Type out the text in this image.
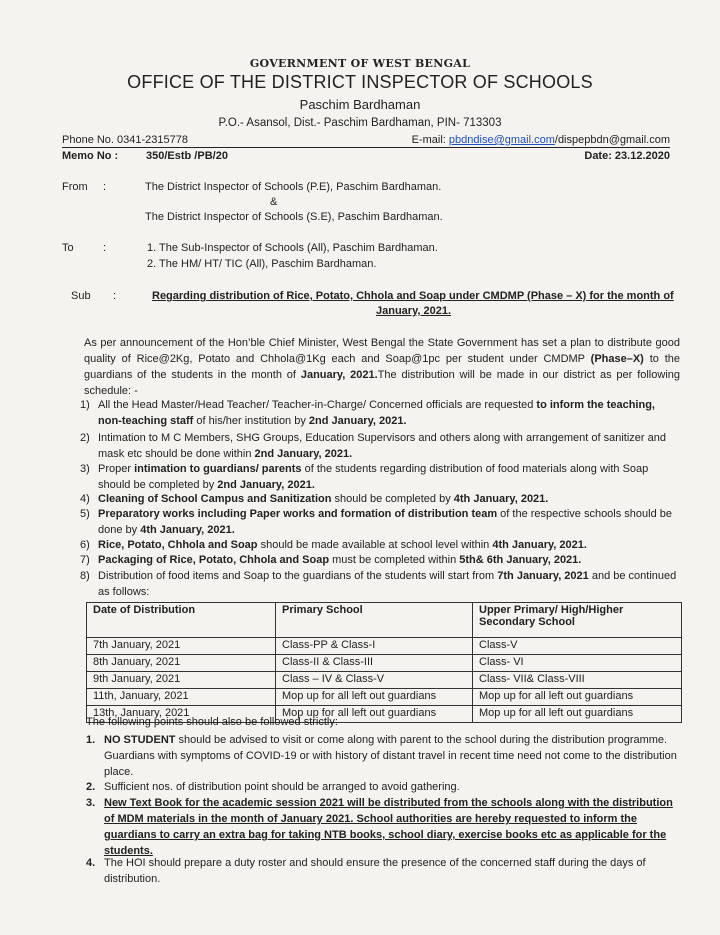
GOVERNMENT OF WEST BENGAL
OFFICE OF THE DISTRICT INSPECTOR OF SCHOOLS
Paschim Bardhaman
P.O.- Asansol, Dist.- Paschim Bardhaman, PIN- 713303
Phone No. 0341-2315778	E-mail: pbdndise@gmail.com/dispepbdn@gmail.com
Memo No :	350/Estb /PB/20	Date: 23.12.2020
From :	The District Inspector of Schools (P.E), Paschim Bardhaman.
&
The District Inspector of Schools (S.E), Paschim Bardhaman.
To	:	1. The Sub-Inspector of Schools (All), Paschim Bardhaman.
2. The HM/ HT/ TIC (All), Paschim Bardhaman.
Sub :	Regarding distribution of Rice, Potato, Chhola and Soap under CMDMP (Phase – X) for the month of
January, 2021.
As per announcement of the Hon’ble Chief Minister, West Bengal the State Government has set a plan to distribute good quality of Rice@2Kg, Potato and Chhola@1Kg each and Soap@1pc per student under CMDMP (Phase–X) to the guardians of the students in the month of January, 2021.The distribution will be made in our district as per following schedule: -
1) All the Head Master/Head Teacher/ Teacher-in-Charge/ Concerned officials are requested to inform the teaching, non-teaching staff of his/her institution by 2nd January, 2021.
2) Intimation to M C Members, SHG Groups, Education Supervisors and others along with arrangement of sanitizer and mask etc should be done within 2nd January, 2021.
3) Proper intimation to guardians/ parents of the students regarding distribution of food materials along with Soap should be completed by 2nd January, 2021.
4) Cleaning of School Campus and Sanitization should be completed by 4th January, 2021.
5) Preparatory works including Paper works and formation of distribution team of the respective schools should be done by 4th January, 2021.
6) Rice, Potato, Chhola and Soap should be made available at school level within 4th January, 2021.
7) Packaging of Rice, Potato, Chhola and Soap must be completed within 5th& 6th January, 2021.
8) Distribution of food items and Soap to the guardians of the students will start from 7th January, 2021 and be continued as follows:
Date of Distribution	Primary School	Upper Primary/ High/Higher Secondary School
7th January, 2021	Class-PP & Class-I	Class-V
8th January, 2021	Class-II & Class-III	Class- VI
9th January, 2021	Class – IV & Class-V	Class- VII& Class-VIII
11th, January, 2021	Mop up for all left out guardians	Mop up for all left out guardians
13th, January, 2021	Mop up for all left out guardians	Mop up for all left out guardians
The following points should also be followed strictly:
1. NO STUDENT should be advised to visit or come along with parent to the school during the distribution programme. Guardians with symptoms of COVID-19 or with history of distant travel in recent time need not come to the distribution place.
2. Sufficient nos. of distribution point should be arranged to avoid gathering.
3. New Text Book for the academic session 2021 will be distributed from the schools along with the distribution of MDM materials in the month of January 2021. School authorities are hereby requested to inform the guardians to carry an extra bag for taking NTB books, school diary, exercise books etc as applicable for the students.
4. The HOI should prepare a duty roster and should ensure the presence of the concerned staff during the days of distribution.
